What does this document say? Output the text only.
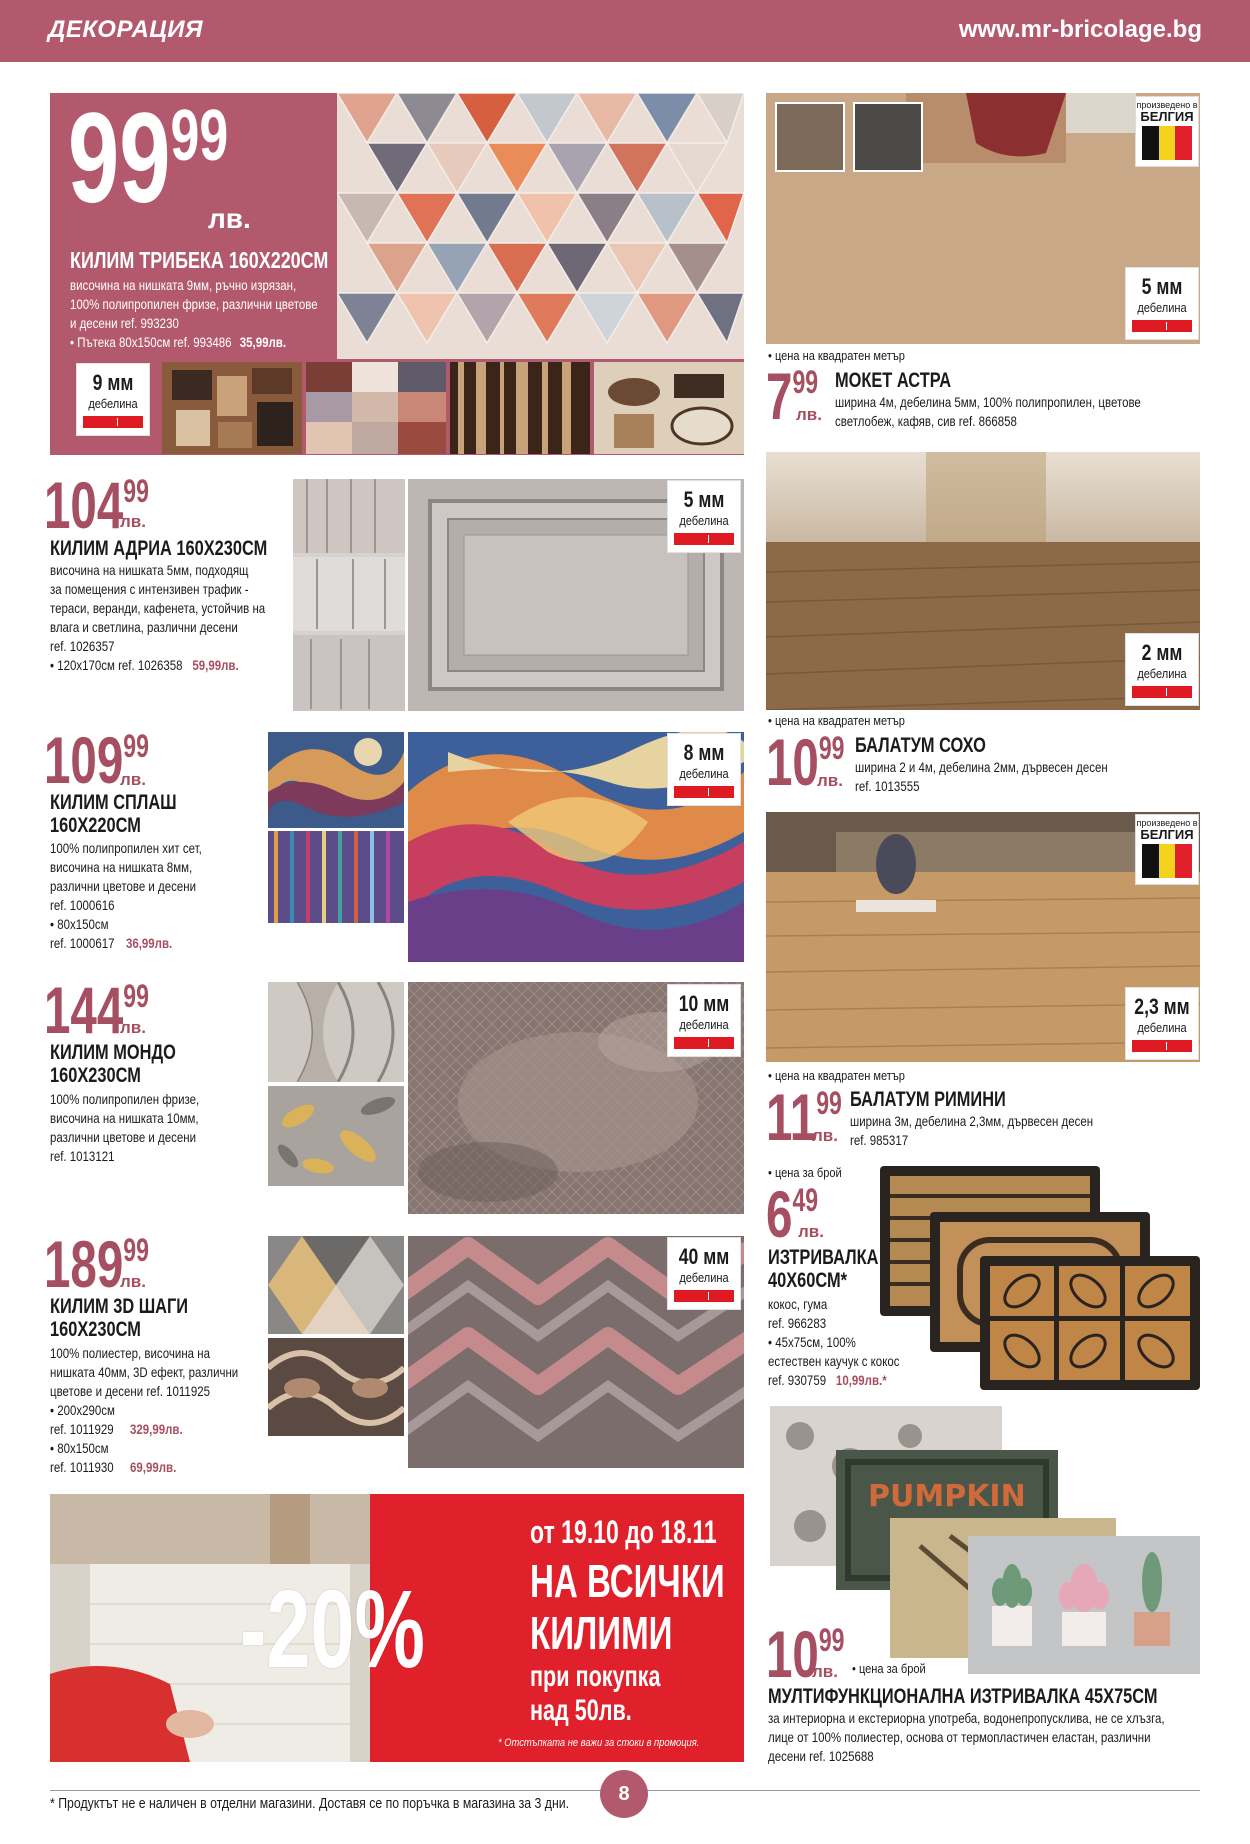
ДЕКОРАЦИЯ	www.mr-bricolage.bg
9999
лв.
КИЛИМ ТРИБЕКА 160Х220СМ
височина на нишката 9мм, ръчно изрязан,
100% полипропилен фризе, различни цветове
и десени ref. 993230
• Пътека 80х150см ref. 993486 35,99лв.
9 мм
дебелина
произведено в
БЕЛГИЯ
5 мм
дебелина
• цена на квадратен метър
799
лв.
МОКЕТ АСТРА
ширина 4м, дебелина 5мм, 100% полипропилен, цветове
светлобеж, кафяв, сив ref. 866858
10499
лв.
КИЛИМ АДРИА 160Х230СМ
височина на нишката 5мм, подходящ
за помещения с интензивен трафик -
тераси, веранди, кафенета, устойчив на
влага и светлина, различни десени
ref. 1026357
• 120х170см ref. 1026358 59,99лв.
5 мм
дебелина
2 мм
дебелина
• цена на квадратен метър
1099
лв.
БАЛАТУМ СОХО
ширина 2 и 4м, дебелина 2мм, дървесен десен
ref. 1013555
10999
лв.
КИЛИМ СПЛАШ
160Х220СМ
100% полипропилен хит сет,
височина на нишката 8мм,
различни цветове и десени
ref. 1000616
• 80х150см
ref. 1000617 36,99лв.
8 мм
дебелина
произведено в
БЕЛГИЯ
2,3 мм
дебелина
• цена на квадратен метър
1199
лв.
БАЛАТУМ РИМИНИ
ширина 3м, дебелина 2,3мм, дървесен десен
ref. 985317
14499
лв.
КИЛИМ МОНДО
160Х230СМ
100% полипропилен фризе,
височина на нишката 10мм,
различни цветове и десени
ref. 1013121
10 мм
дебелина
• цена за брой
649
лв.
ИЗТРИВАЛКА
40Х60СМ*
кокос, гума
ref. 966283
• 45х75см, 100%
естествен каучук с кокос
ref. 930759 10,99лв.*
18999
лв.
КИЛИМ 3D ШАГИ
160Х230СМ
100% полиестер, височина на
нишката 40мм, 3D ефект, различни
цветове и десени ref. 1011925
• 200х290см
ref. 1011929 329,99лв.
• 80х150см
ref. 1011930 69,99лв.
40 мм
дебелина
PUMPKIN
1099
лв. • цена за брой
МУЛТИФУНКЦИОНАЛНА ИЗТРИВАЛКА 45Х75СМ
за интериорна и екстериорна употреба, водонепропусклива, не се хлъзга,
лице от 100% полиестер, основа от термопластичен еластан, различни
десени ref. 1025688
-20%
от 19.10 до 18.11
НА ВСИЧКИ
КИЛИМИ
при покупка
над 50лв.
* Отстъпката не важи за стоки в промоция.
8
* Продуктът не е наличен в отделни магазини. Доставя се по поръчка в магазина за 3 дни.
